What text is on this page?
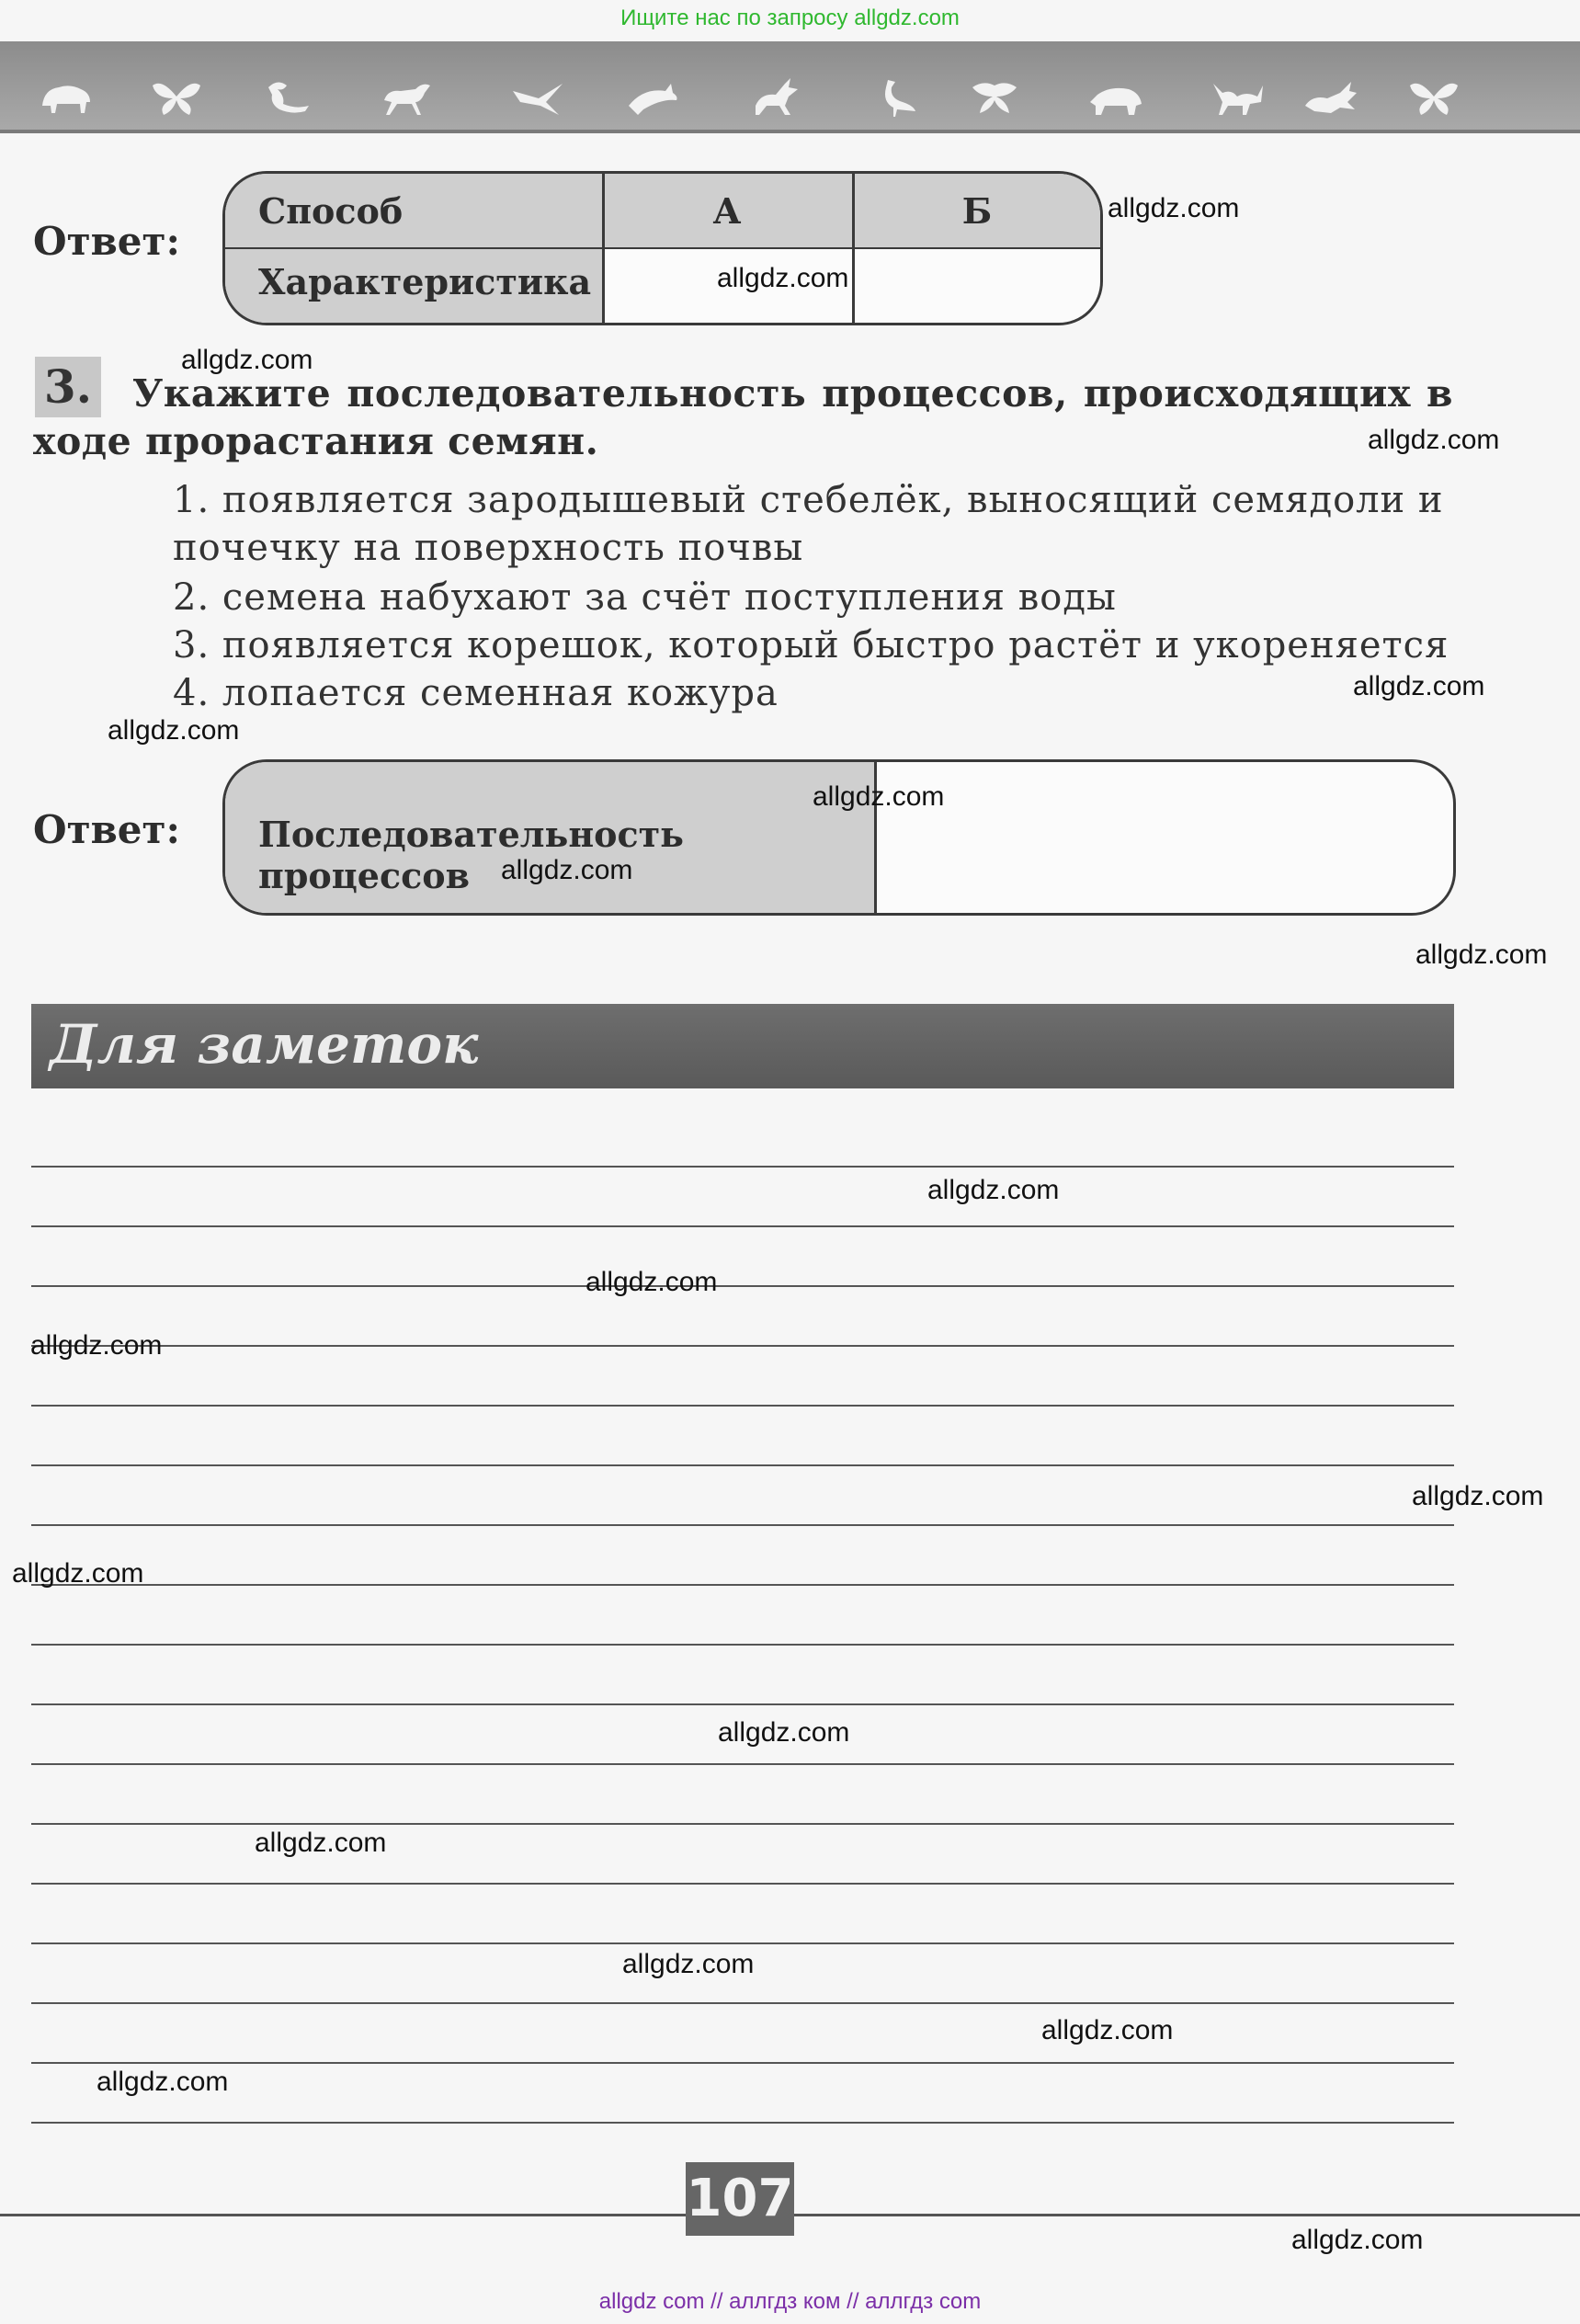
Ищите нас по запросу allgdz.com
Ответ:
Способ	А	Б
Характеристика
3.	Укажите последовательность процессов, происходящих в ходе прорастания семян.
1. появляется зародышевый стебелёк, выносящий семядоли и почечку на поверхность почвы
2. семена набухают за счёт поступления воды
3. появляется корешок, который быстро растёт и укореняется
4. лопается семенная кожура
Ответ:	Последовательность процессов
Для заметок
107
allgdz.com
allgdz.com
allgdz.com
allgdz.com
allgdz.com
allgdz.com
allgdz.com
allgdz.com
allgdz.com
allgdz.com
allgdz.com
allgdz.com
allgdz.com
allgdz.com
allgdz.com
allgdz.com
allgdz.com
allgdz.com
allgdz.com
allgdz.com
allgdz com // аллгдз ком // аллгдз com
